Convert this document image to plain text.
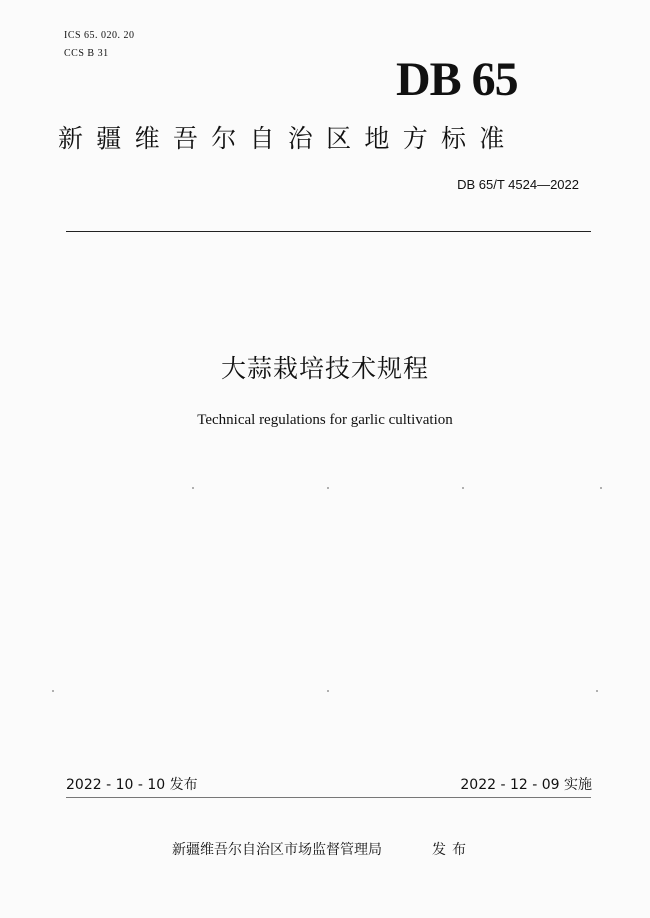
ICS 65. 020. 20
CCS B 31	DB 65
新疆维吾尔自治区地方标准
DB 65/T 4524—2022
大蒜栽培技术规程
Technical regulations for garlic cultivation
2022 - 10 - 10 发布	2022 - 12 - 09 实施
新疆维吾尔自治区市场监督管理局	发布
